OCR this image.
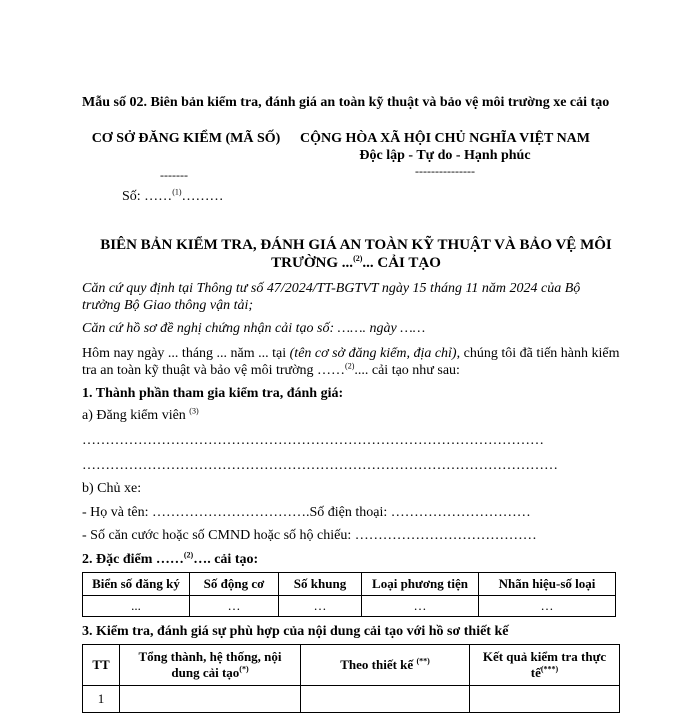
Mẫu số 02. Biên bản kiểm tra, đánh giá an toàn kỹ thuật và bảo vệ môi trường xe cải tạo
CƠ SỞ ĐĂNG KIỂM (MÃ SỐ)
-------
CỘNG HÒA XÃ HỘI CHỦ NGHĨA VIỆT NAM
Độc lập - Tự do - Hạnh phúc
---------------
Số: ……$^{(1)}$………
BIÊN BẢN KIỂM TRA, ĐÁNH GIÁ AN TOÀN KỸ THUẬT VÀ BẢO VỆ MÔI TRƯỜNG ...$^{(2)}$... CẢI TẠO
Căn cứ quy định tại Thông tư số 47/2024/TT-BGTVT ngày 15 tháng 11 năm 2024 của Bộ trưởng Bộ Giao thông vận tải;
Căn cứ hồ sơ đề nghị chứng nhận cải tạo số: ……. ngày ……
Hôm nay ngày ... tháng ... năm ... tại (tên cơ sở đăng kiểm, địa chỉ), chúng tôi đã tiến hành kiểm tra an toàn kỹ thuật và bảo vệ môi trường ……$^{(2)}$.... cải tạo như sau:
1. Thành phần tham gia kiểm tra, đánh giá:
a) Đăng kiểm viên $^{(3)}$
………………………………………………………………………………………
…………………………………………………………………………………………
b) Chủ xe:
- Họ và tên: …………………………….Số điện thoại: …………………………
- Số căn cước hoặc số CMND hoặc số hộ chiếu: …………………………………
2. Đặc điểm ……$^{(2)}$…. cải tạo:
Biển số đăng ký	Số động cơ	Số khung	Loại phương tiện	Nhãn hiệu-số loại
...	…	…	…	…
3. Kiểm tra, đánh giá sự phù hợp của nội dung cải tạo với hồ sơ thiết kế
TT	Tổng thành, hệ thống, nội dung cải tạo(*)	Theo thiết kế (**)	Kết quả kiểm tra thực tế(***)
1			
